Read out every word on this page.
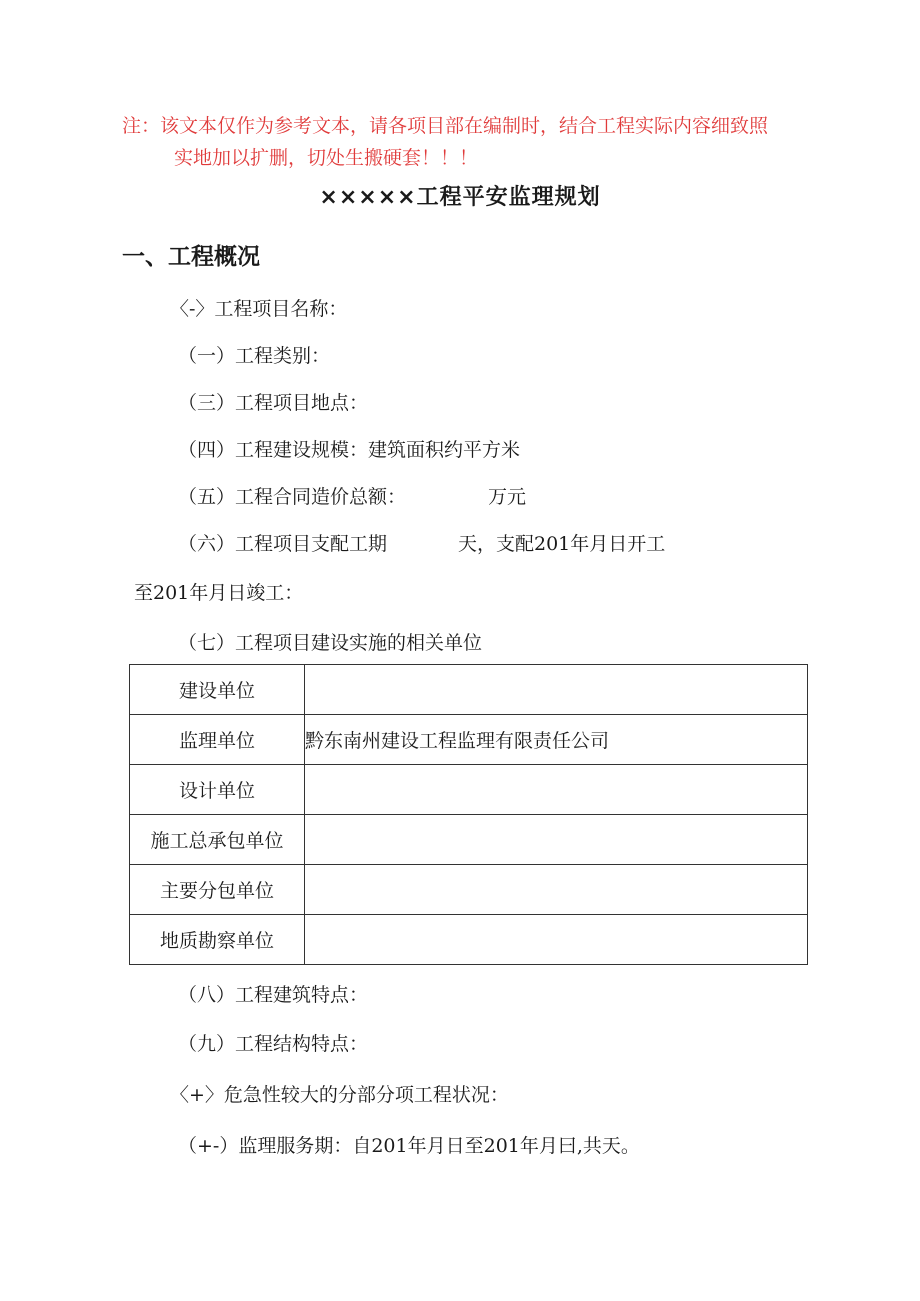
注：该文本仅作为参考文本，请各项目部在编制时，结合工程实际内容细致照
实地加以扩删，切处生搬硬套！！！
×××××工程平安监理规划
一、工程概况
〈-〉工程项目名称：
（一）工程类别：
（三）工程项目地点：
（四）工程建设规模：建筑面积约平方米
（五）工程合同造价总额：	万元
（六）工程项目支配工期	天，支配201年月日开工
至201年月日竣工：
（七）工程项目建设实施的相关单位
建设单位	
监理单位	黔东南州建设工程监理有限责任公司
设计单位	
施工总承包单位	
主要分包单位	
地质勘察单位	
（八）工程建筑特点：
（九）工程结构特点：
〈+〉危急性较大的分部分项工程状况：
（+-）监理服务期：自201年月日至201年月曰,共天。
